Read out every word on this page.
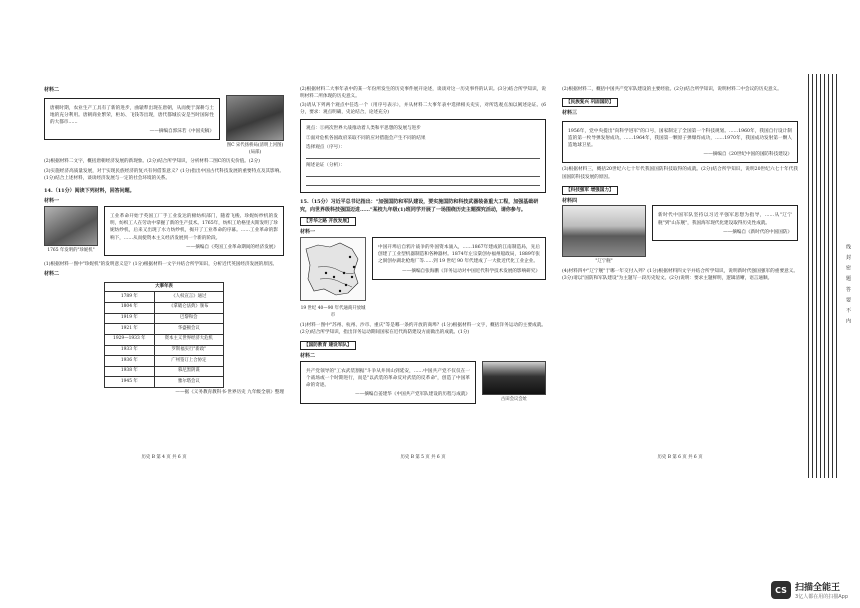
材料二
唐朝时期，农业生产工具有了新的进步，曲辕犁出现在唐朝，从而便于深耕与土地的充分利用。唐朝商业繁荣，柜坊、飞钱等出现，唐代都城长安是当时国际性的大都市……
——摘编自郭沫若《中国史稿》
图C 宋代扬桥局(清明上河图)(局部)
(2)根据材料二文字，概括唐朝经济发展的新现象。(2分)结合所学知识，分析材料二图C的历史价值。(2分)
(3)实施经济高质量发展，对于实现民族经济的复兴有何借鉴意义？(1分)指出中国古代科技发展的重要特点及其影响。(1分)结合上述材料，谈谈经济发展与一定的社会环境的关系。
14.（11分）阅读下列材料，回答问题。
材料一
1765 年发明的"珍妮机"
工业革命开始于英国工厂手工业发达的棉纺织部门，随着飞梭、珍妮纺纱机的发明，纺织工人在劳动中掌握了新的生产技术。1765年，纺织工哈格里夫斯发明了珍妮纺纱机，后来又出现了水力纺纱机，揭开了工业革命的序幕。……工业革命的影响下，……从而使资本主义经济发展到一个新的阶段。
——摘编自《英国工业革命期间的经济发展》
(1)根据材料一图中"珍妮机"的发明意义是？(1分)根据材料一文字并结合所学知识，分析近代英国经济发展的原因。
材料二
大事年表	
1789 年	《人权宣言》通过
1804 年	《拿破仑法典》颁布
1919 年	巴黎和会
1921 年	华盛顿会议
1929—1933 年	资本主义世界经济大危机
1933 年	罗斯福实行"新政"
1936 年	广州签订上合协定
1938 年	慕尼黑阴谋
1945 年	雅尔塔会议
——据《义务教育教科书·世界历史 九年级全册》整理
历史 B 第 4 页 共 6 页
(2)根据材料二大事年表中的某一年份所发生的历史事件展开论述，谈谈对这一历史事件的认识。(3分)结合所学知识，说明材料二所体现的历史意义。
(3)请从下列两个观点中任选一个（用序号表示），并从材料二大事年表中选择相关史实，对所选观点加以阐述论证。(6分，要求：观点明确，史论结合，论述充分)
观点：①两次世界大战推动着人类和平思想的发展与进步
②面对危机各国政府采取不同的应对措施会产生不同的结果
选择观点（序号）：
阐述论证（分析）：
15.（15分）习近平总书记指出："加强国防和军队建设，要实施国防和科技武器装备重大工程，加强基础研究，向世界级科技强国迈进……"某校九年级(1)班同学开展了一场围绕历史主题探究活动，请你参与。
【芳华之路 开放发展】
材料一
19 世纪 40—90 年代通商开放城市
中国开埠后自鸦片战争的外国资本涌入，……1867年建成的江南制造局，先后创建了工业型机器制造和各种器材。1874年左宗棠创办福州船政局，1889年张之洞创办湖北枪炮厂等……到 19 世纪 90 年代建成了一大批近代化工业企业。
——摘编自张海鹏《洋务运动对中国近代科学技术发展的影响研究》
(1)材料一图中"苏州、杭州、沙市、重庆"等是哪一条约开放的商埠？(1分)根据材料一文字，概括洋务运动的主要成就。(2分)结合所学知识，指出洋务运动期间国家在近代海防建设方面做出的成就。(1分)
【国防教育 建设军队】
材料二
共产党领导的"工农武装割据"斗争从井冈山到延安，……中国共产党不仅仅在一个战场或一个时期进行，而是"以武装的革命反对武装的反革命"，创造了中国革命的奇迹。
——摘编自姜建华《中国共产党军队建设的历程与成就》
古田会议会址
历史 B 第 5 页 共 6 页
(2)根据材料二，概括中国共产党军队建设的主要经验。(2分)结合所学知识，说明材料二中会议的历史意义。
【民族复兴 巩固国防】
材料三
1956年，党中央提出"向科学进军"的口号，国家制定了全国第一个科技规划。……1960年，我国自行设计制造的第一枚导弹发射成功。……1964年，我国第一颗原子弹爆炸成功，……1970年，我国成功发射第一颗人造地球卫星。
——摘编自《20世纪中国的国防科技建设》
(3)根据材料三，概括20世纪六七十年代我国国防科技取得的成就。(2分)结合所学知识，说明20世纪六七十年代我国国防科技发展的原因。
【科技强军 增强国力】
材料四
"辽宁舰"
新时代中国军队坚持以习近平强军思想为指导，……从"辽宁舰"到"山东舰"，我国海军现代化建设取得历史性成就。
——摘编自《新时代的中国国防》
(4)材料四中"辽宁舰"于哪一年交付入列？(1分)根据材料四文字并结合所学知识，说明新时代强国强军的重要意义。(3分)请以"国防和军队建设"为主题写一段历史短文。(2分)说明：要求主题鲜明，逻辑清晰，语言通顺。
历史 B 第 6 页 共 6 页
线 封 密 题 答 要 不 内
CS 扫描全能王
3亿人都在用的扫描App
